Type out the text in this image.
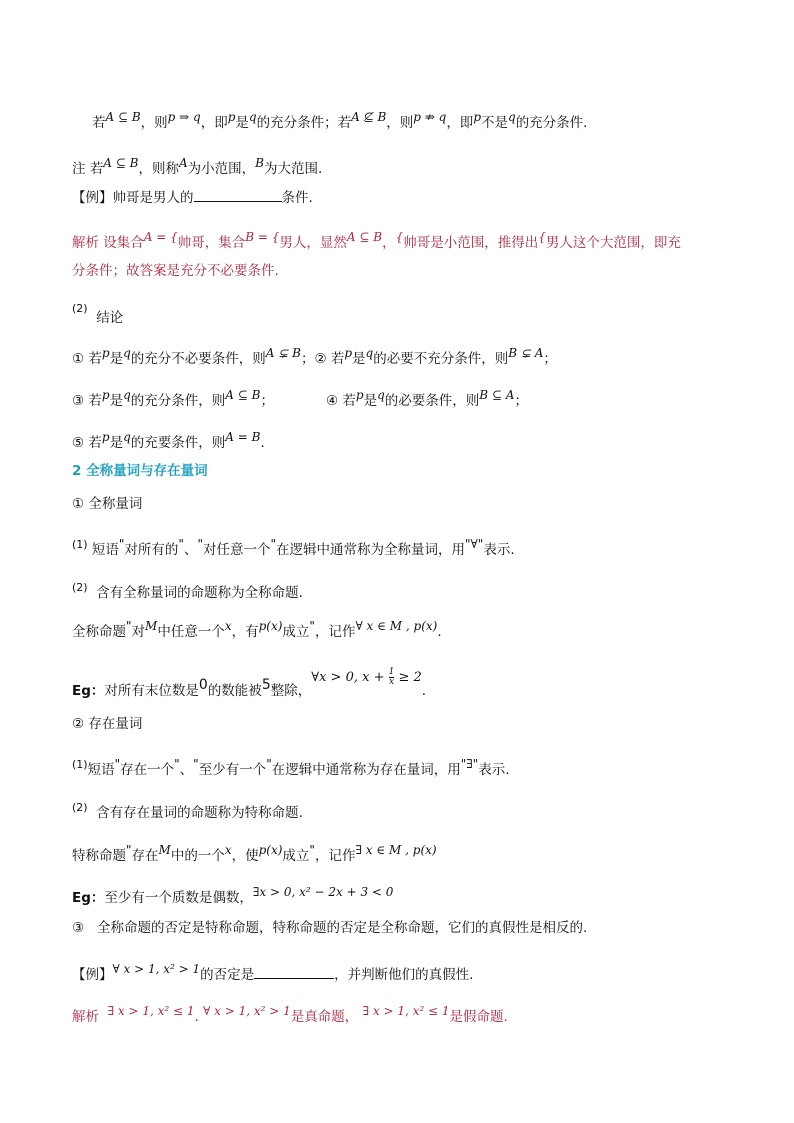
若A ⊆ B，则p ⇒ q，即p是q的充分条件；若A ⊈ B，则p ⇏ q，即p不是q的充分条件.
注 若A ⊆ B，则称A为小范围，B为大范围.
【例】帅哥是男人的	条件.
解析 设集合A = {帅哥，集合B = {男人，显然A ⊆ B，{帅哥是小范围，推得出{男人这个大范围，即充
分条件；故答案是充分不必要条件.
$^{(2)}$  结论
① 若p是q的充分不必要条件，则A ⊊ B；② 若p是q的必要不充分条件，则B ⊊ A；
③ 若p是q的充分条件，则A ⊆ B；	④ 若p是q的必要条件，则B ⊆ A；
⑤ 若p是q的充要条件，则A = B.
2 全称量词与存在量词
① 全称量词
$^{(1)}$ 短语"对所有的"、"对任意一个"在逻辑中通常称为全称量词，用"∀"表示.
$^{(2)}$ 含有全称量词的命题称为全称命题.
全称命题"对M中任意一个x，有p(x)成立"，记作∀ x ∈ M , p(x).
Eg：对所有末位数是0的数能被5整除，∀x > 0, $x + \frac{1}{x} \ge 2$.
② 存在量词
$^{(1)}$短语"存在一个"、"至少有一个"在逻辑中通常称为存在量词，用"∃"表示.
$^{(2)}$ 含有存在量词的命题称为特称命题.
特称命题"存在M中的一个x，使p(x)成立"，记作∃ x ∈ M , p(x)
Eg：至少有一个质数是偶数，∃x > 0, x² − 2x + 3 < 0
③ 全称命题的否定是特称命题，特称命题的否定是全称命题，它们的真假性是相反的.
【例】∀ x > 1, x² > 1的否定是	，并判断他们的真假性.
解析 ∃ x > 1, x² ≤ 1. ∀ x > 1, x² > 1是真命题， ∃ x > 1, x² ≤ 1是假命题.
